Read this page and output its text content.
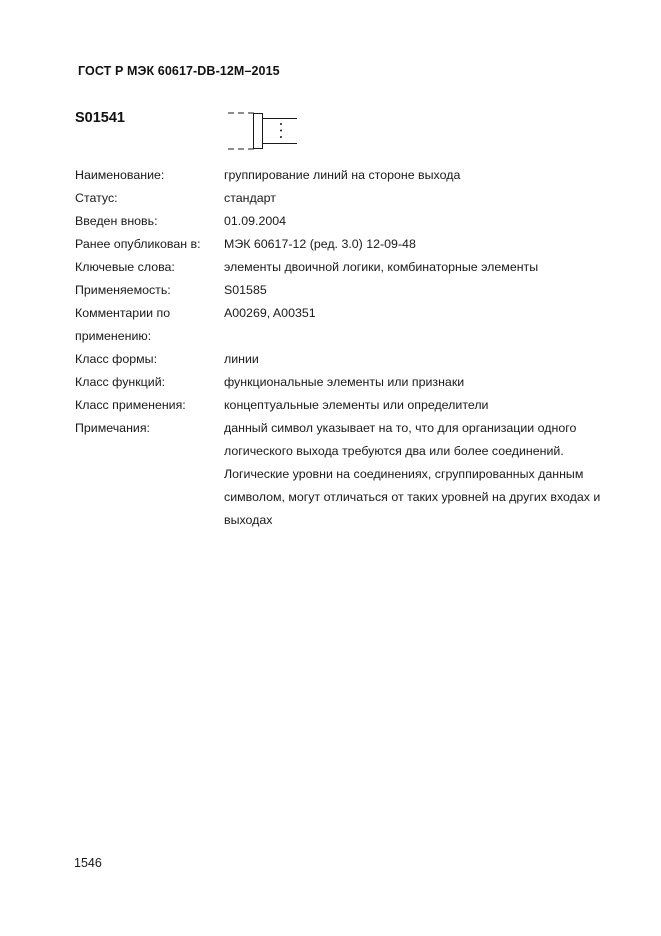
ГОСТ Р МЭК 60617-DB-12M–2015
S01541
Наименование:	группирование линий на стороне выхода
Статус:	стандарт
Введен вновь:	01.09.2004
Ранее опубликован в:	МЭК 60617-12 (ред. 3.0) 12-09-48
Ключевые слова:	элементы двоичной логики, комбинаторные элементы
Применяемость:	S01585
Комментарии по применению:
A00269, A00351
Класс формы:	линии
Класс функций:	функциональные элементы или признаки
Класс применения:	концептуальные элементы или определители
Примечания:	данный символ указывает на то, что для организации одного логического выхода требуются два или более соединений. Логические уровни на соединениях, сгруппированных данным символом, могут отличаться от таких уровней на других входах и выходах
1546
